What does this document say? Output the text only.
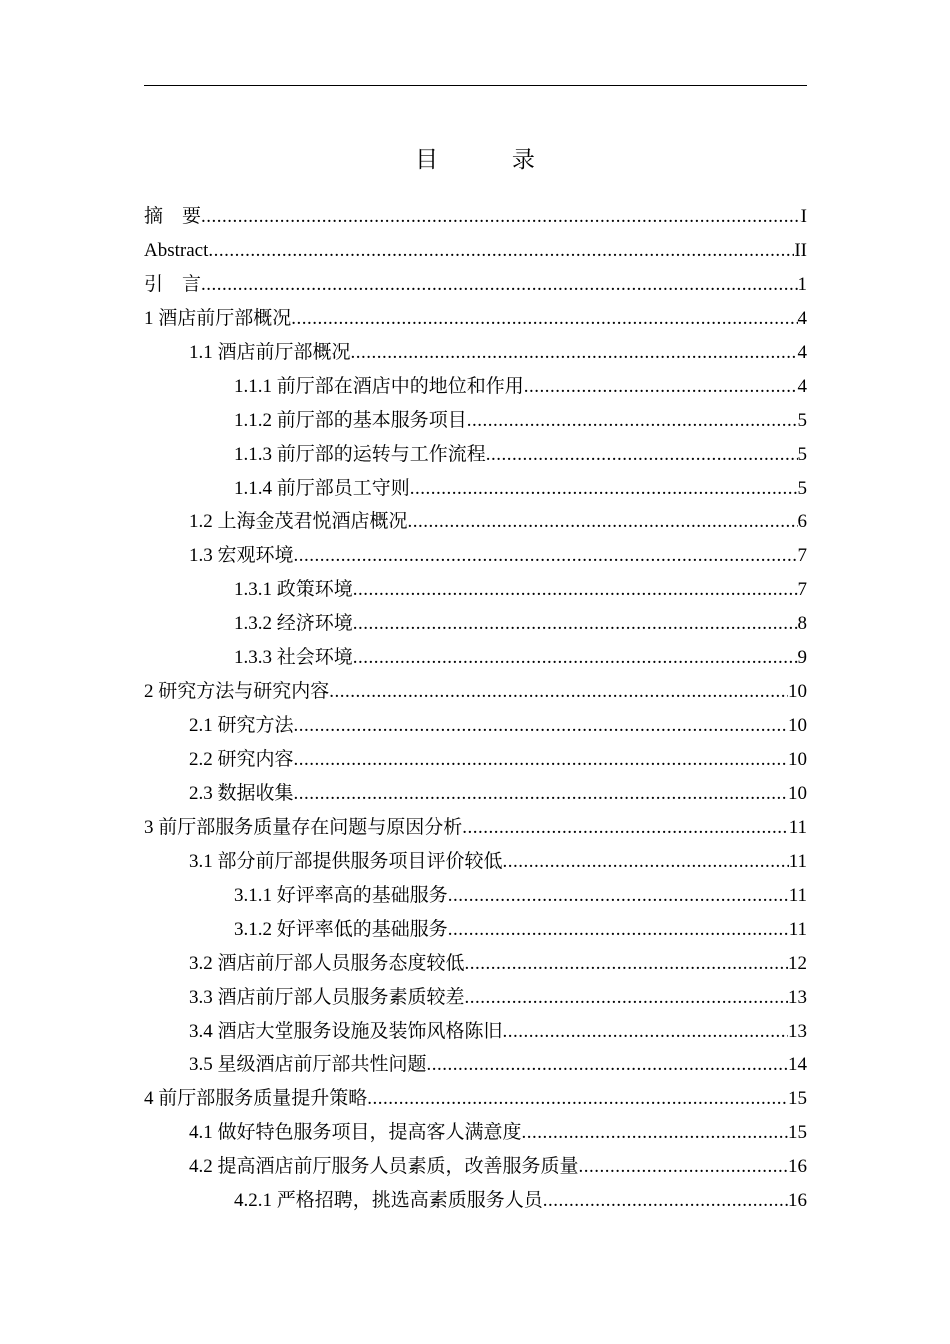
目 录
摘　要 .....	I
Abstract .....	II
引　言 .....	1
1 酒店前厅部概况 .....	4
1.1 酒店前厅部概况 .....	4
1.1.1 前厅部在酒店中的地位和作用 .....	4
1.1.2 前厅部的基本服务项目 .....	5
1.1.3 前厅部的运转与工作流程 .....	5
1.1.4 前厅部员工守则 .....	5
1.2 上海金茂君悦酒店概况 .....	6
1.3 宏观环境 .....	7
1.3.1 政策环境 .....	7
1.3.2 经济环境 .....	8
1.3.3 社会环境 .....	9
2 研究方法与研究内容 .....	10
2.1 研究方法 .....	10
2.2 研究内容 .....	10
2.3 数据收集 .....	10
3 前厅部服务质量存在问题与原因分析 .....	11
3.1 部分前厅部提供服务项目评价较低 .....	11
3.1.1 好评率高的基础服务 .....	11
3.1.2 好评率低的基础服务 .....	11
3.2 酒店前厅部人员服务态度较低 .....	12
3.3 酒店前厅部人员服务素质较差 .....	13
3.4 酒店大堂服务设施及装饰风格陈旧 .....	13
3.5 星级酒店前厅部共性问题 .....	14
4 前厅部服务质量提升策略 .....	15
4.1 做好特色服务项目，提高客人满意度 .....	15
4.2 提高酒店前厅服务人员素质，改善服务质量 .....	16
4.2.1 严格招聘，挑选高素质服务人员 .....	16
